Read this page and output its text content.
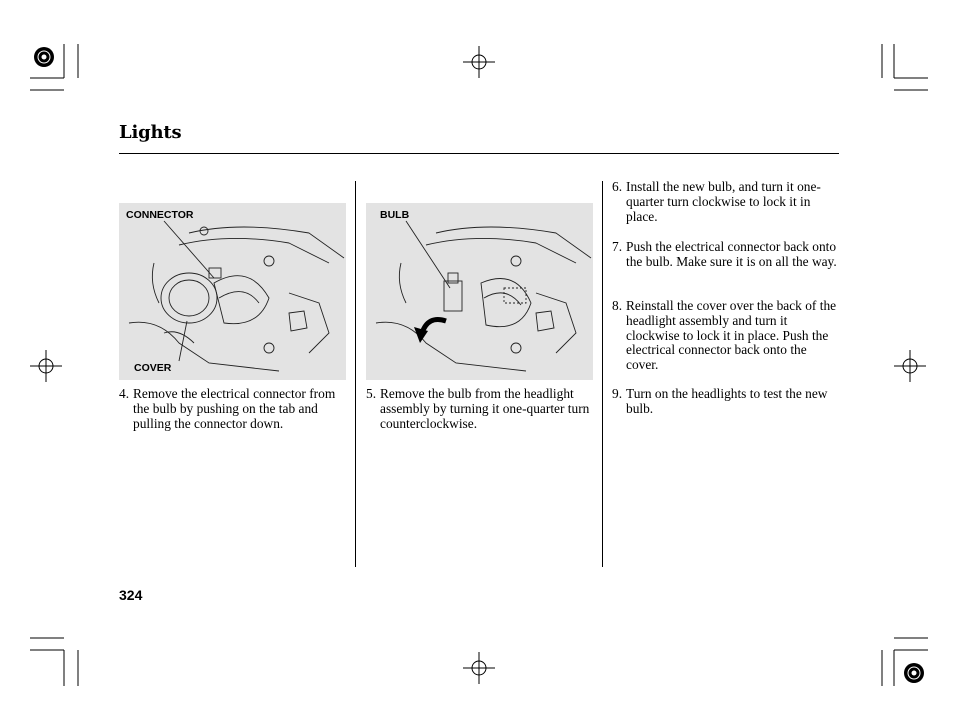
Lights
CONNECTOR
COVER
BULB
4. Remove the electrical connector from the bulb by pushing on the tab and pulling the connector down.
5. Remove the bulb from the headlight assembly by turning it one-quarter turn counterclockwise.
6. Install the new bulb, and turn it one-quarter turn clockwise to lock it in place.
7. Push the electrical connector back onto the bulb. Make sure it is on all the way.
8. Reinstall the cover over the back of the headlight assembly and turn it clockwise to lock it in place. Push the electrical connector back onto the cover.
9. Turn on the headlights to test the new bulb.
324
